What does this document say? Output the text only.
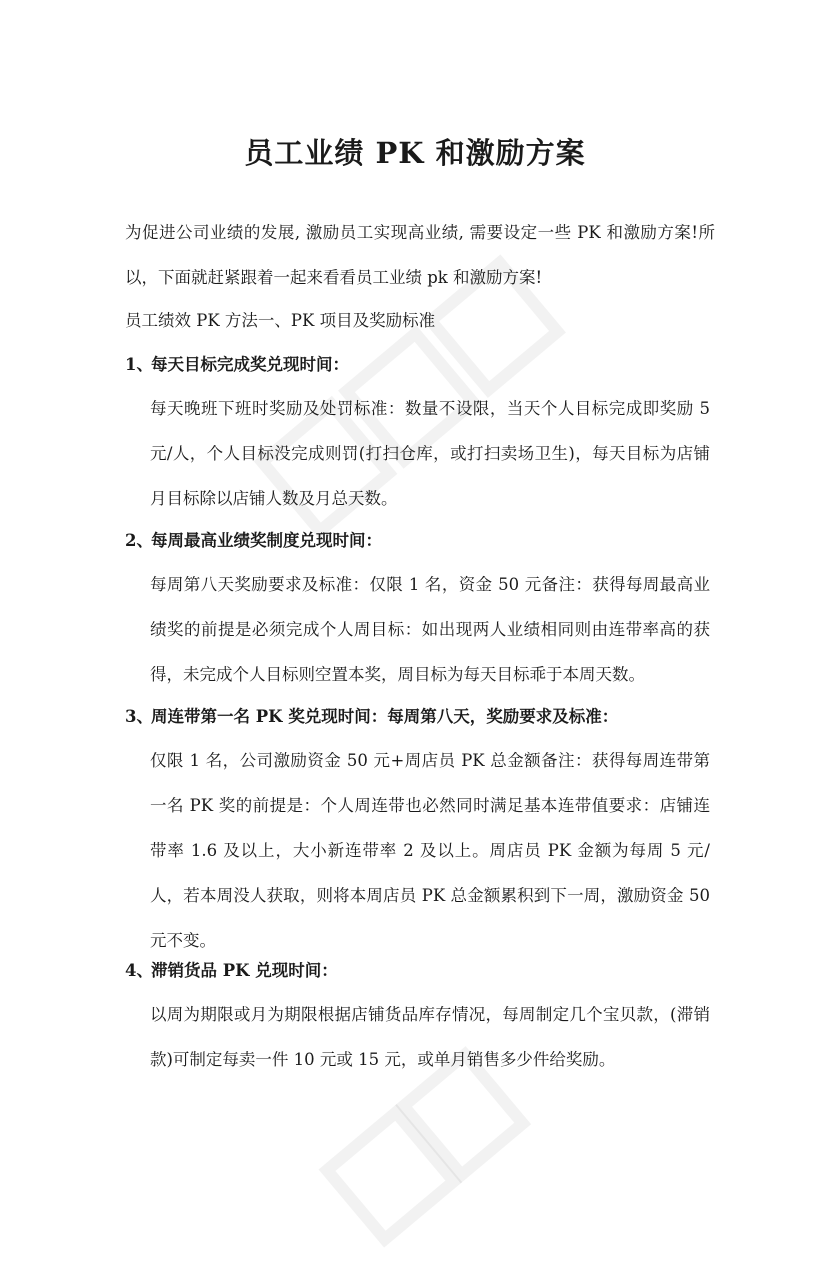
员工业绩 PK 和激励方案

为促进公司业绩的发展, 激励员工实现高业绩, 需要设定一些 PK 和激励方案!所以，下面就赶紧跟着一起来看看员工业绩 pk 和激励方案!

员工绩效 PK 方法一、PK 项目及奖励标准

1、每天目标完成奖兑现时间：

每天晚班下班时奖励及处罚标准：数量不设限，当天个人目标完成即奖励 5 元/人，个人目标没完成则罚(打扫仓库，或打扫卖场卫生)，每天目标为店铺月目标除以店铺人数及月总天数。

2、每周最高业绩奖制度兑现时间：

每周第八天奖励要求及标准：仅限 1 名，资金 50 元备注：获得每周最高业绩奖的前提是必须完成个人周目标：如出现两人业绩相同则由连带率高的获得，未完成个人目标则空置本奖，周目标为每天目标乖于本周天数。

3、周连带第一名 PK 奖兑现时间：每周第八天，奖励要求及标准：

仅限 1 名，公司激励资金 50 元+周店员 PK 总金额备注：获得每周连带第一名 PK 奖的前提是：个人周连带也必然同时满足基本连带值要求：店铺连带率 1.6 及以上，大小新连带率 2 及以上。周店员 PK 金额为每周 5 元/人，若本周没人获取，则将本周店员 PK 总金额累积到下一周，激励资金 50 元不变。

4、滞销货品 PK 兑现时间：

以周为期限或月为期限根据店铺货品库存情况，每周制定几个宝贝款，(滞销款)可制定每卖一件 10 元或 15 元，或单月销售多少件给奖励。
